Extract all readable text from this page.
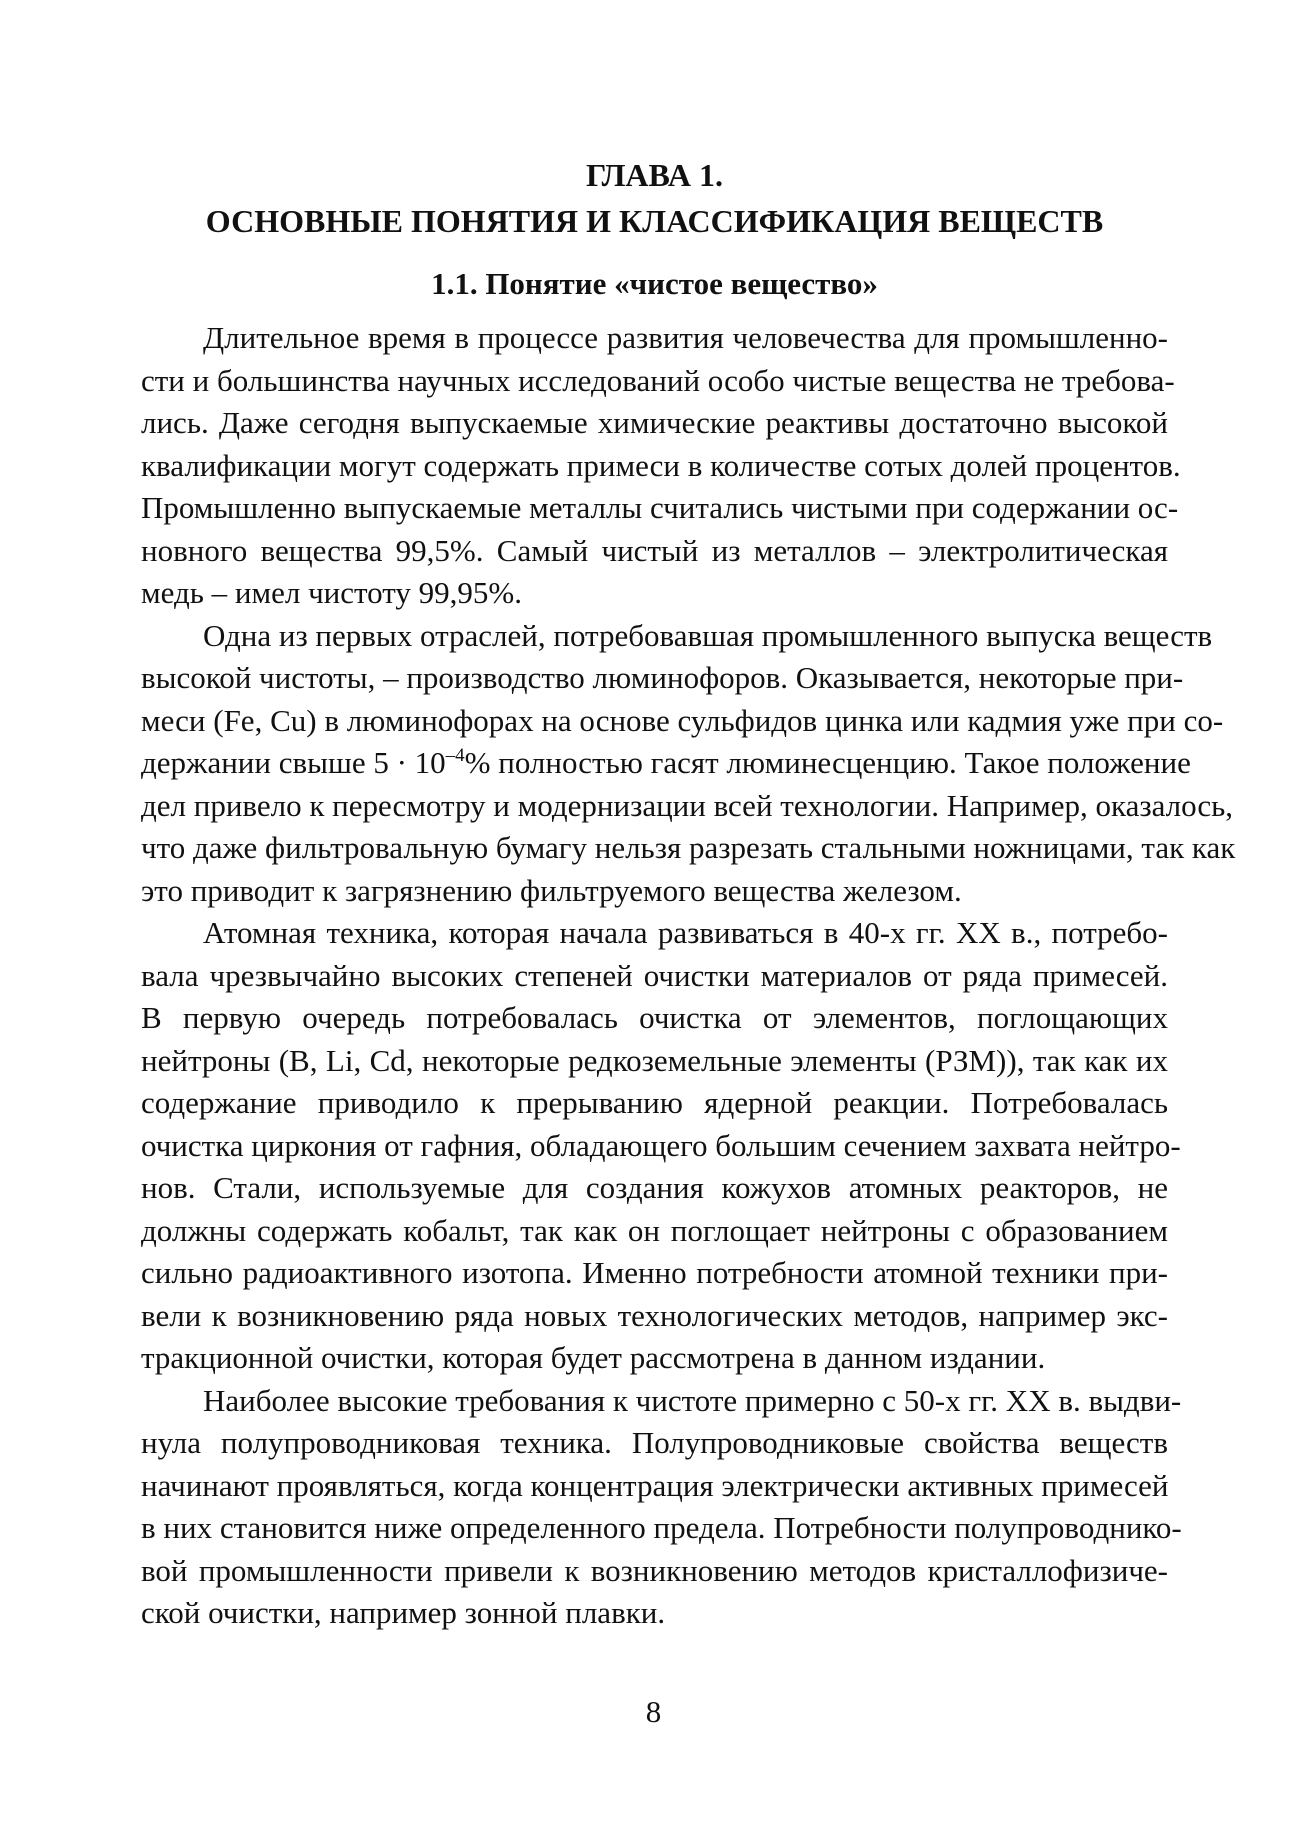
ГЛАВА 1.
ОСНОВНЫЕ ПОНЯТИЯ И КЛАССИФИКАЦИЯ ВЕЩЕСТВ
1.1. Понятие «чистое вещество»
Длительное время в процессе развития человечества для промышленно-
сти и большинства научных исследований особо чистые вещества не требова-
лись. Даже сегодня выпускаемые химические реактивы достаточно высокой
квалификации могут содержать примеси в количестве сотых долей процентов.
Промышленно выпускаемые металлы считались чистыми при содержании ос-
новного вещества 99,5%. Самый чистый из металлов – электролитическая
медь – имел чистоту 99,95%.
Одна из первых отраслей, потребовавшая промышленного выпуска веществ
высокой чистоты, – производство люминофоров. Оказывается, некоторые при-
меси (Fe, Cu) в люминофорах на основе сульфидов цинка или кадмия уже при со-
держании свыше $5 \cdot 10^{-4}\%$ полностью гасят люминесценцию. Такое положение
дел привело к пересмотру и модернизации всей технологии. Например, оказалось,
что даже фильтровальную бумагу нельзя разрезать стальными ножницами, так как
это приводит к загрязнению фильтруемого вещества железом.
Атомная техника, которая начала развиваться в 40-х гг. XX в., потребо-
вала чрезвычайно высоких степеней очистки материалов от ряда примесей.
В первую очередь потребовалась очистка от элементов, поглощающих
нейтроны (B, Li, Cd, некоторые редкоземельные элементы (РЗМ)), так как их
содержание приводило к прерыванию ядерной реакции. Потребовалась
очистка циркония от гафния, обладающего большим сечением захвата нейтро-
нов. Стали, используемые для создания кожухов атомных реакторов, не
должны содержать кобальт, так как он поглощает нейтроны с образованием
сильно радиоактивного изотопа. Именно потребности атомной техники при-
вели к возникновению ряда новых технологических методов, например экс-
тракционной очистки, которая будет рассмотрена в данном издании.
Наиболее высокие требования к чистоте примерно с 50-х гг. XX в. выдви-
нула полупроводниковая техника. Полупроводниковые свойства веществ
начинают проявляться, когда концентрация электрически активных примесей
в них становится ниже определенного предела. Потребности полупроводнико-
вой промышленности привели к возникновению методов кристаллофизиче-
ской очистки, например зонной плавки.
8
